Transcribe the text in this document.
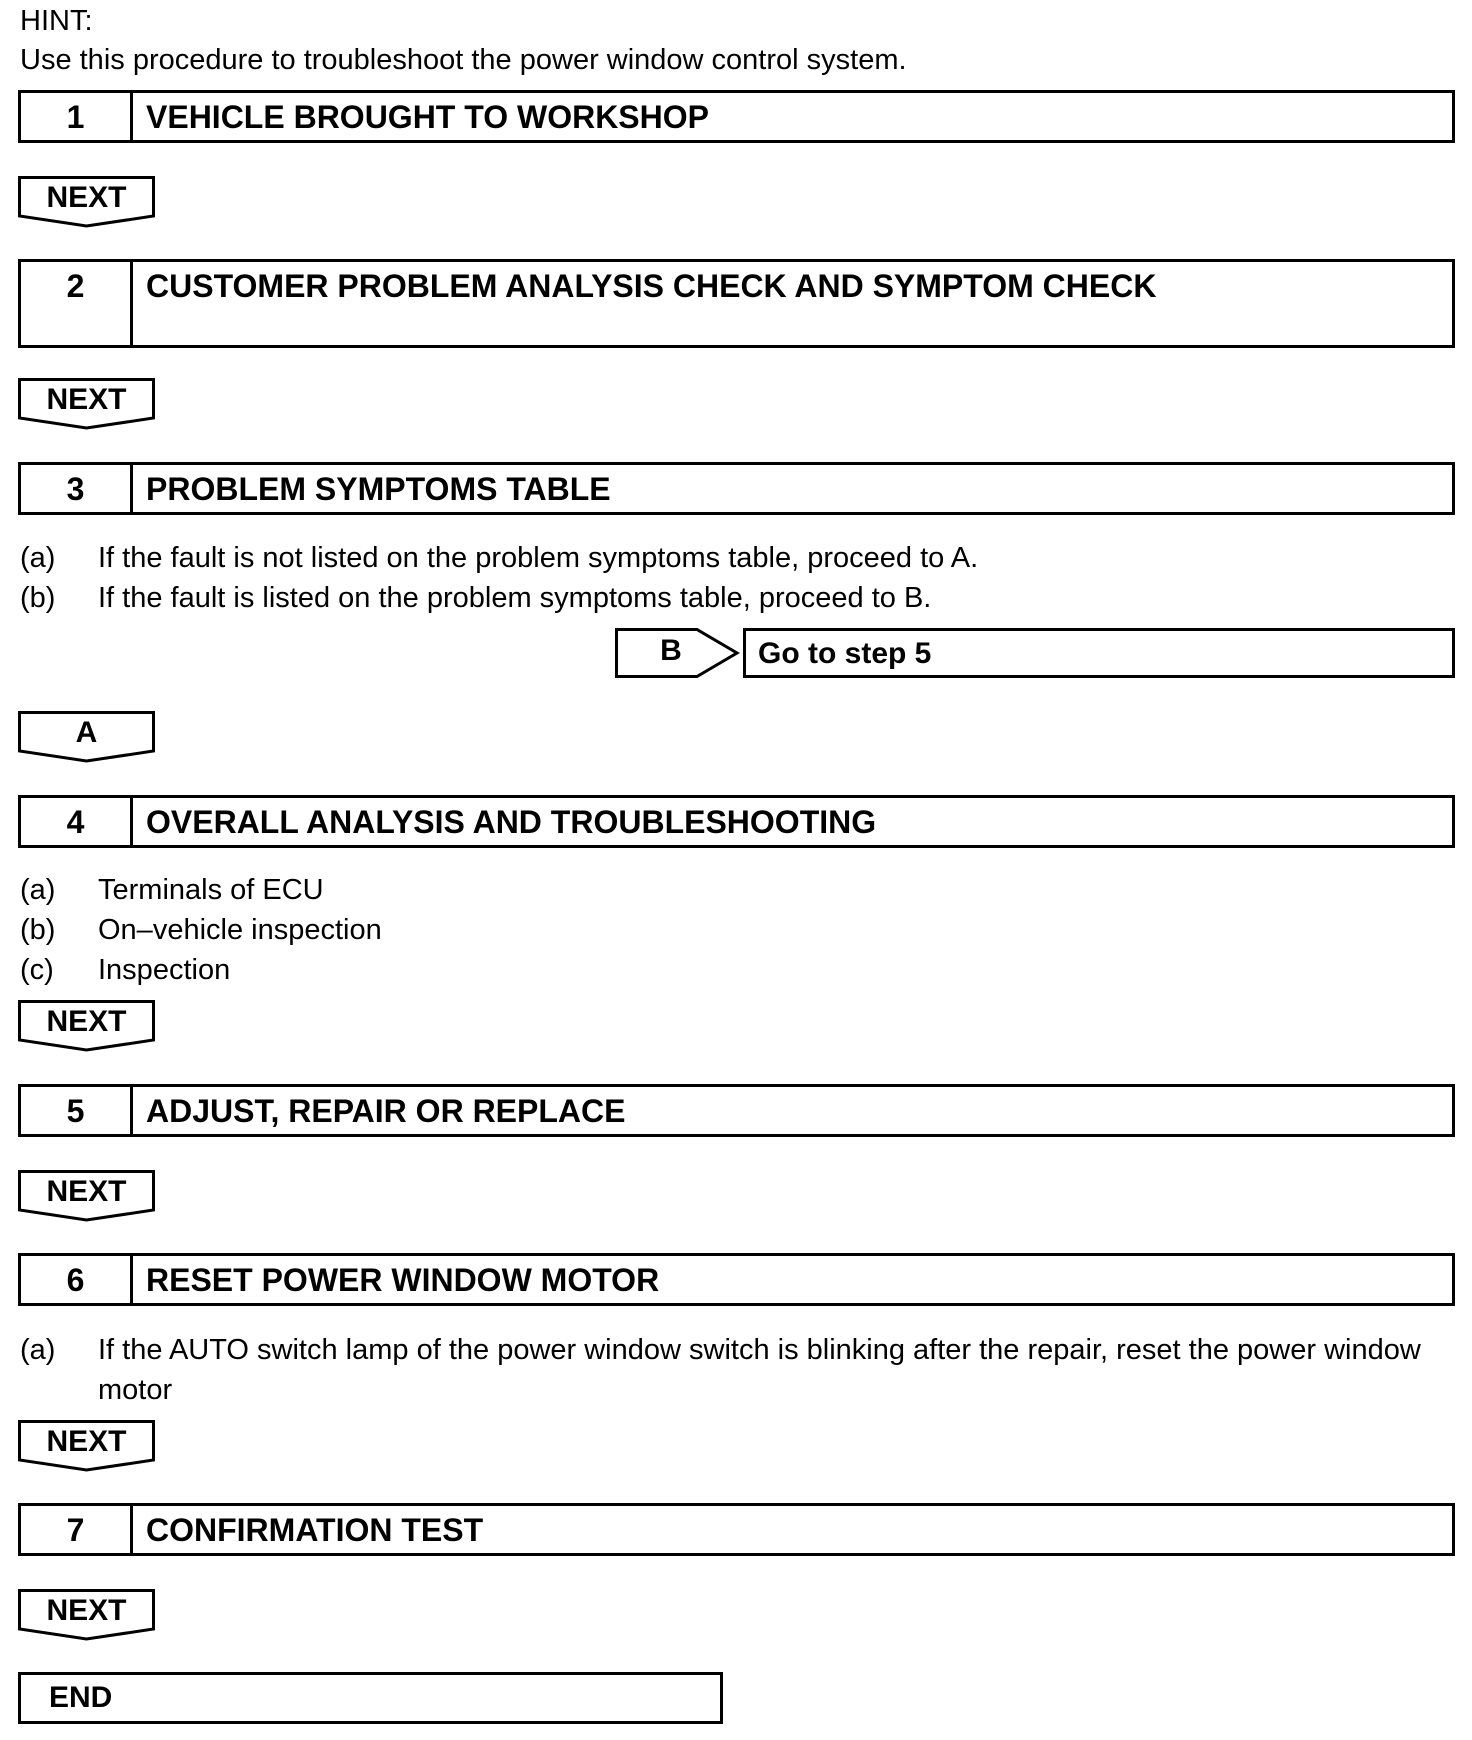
HINT:
Use this procedure to troubleshoot the power window control system.
1	VEHICLE BROUGHT TO WORKSHOP
NEXT
2	CUSTOMER PROBLEM ANALYSIS CHECK AND SYMPTOM CHECK
NEXT
3	PROBLEM SYMPTOMS TABLE
(a) If the fault is not listed on the problem symptoms table, proceed to A.
(b) If the fault is listed on the problem symptoms table, proceed to B.
B	Go to step 5
A
4	OVERALL ANALYSIS AND TROUBLESHOOTING
(a) Terminals of ECU
(b) On–vehicle inspection
(c) Inspection
NEXT
5	ADJUST, REPAIR OR REPLACE
NEXT
6	RESET POWER WINDOW MOTOR
(a) If the AUTO switch lamp of the power window switch is blinking after the repair, reset the power window motor
NEXT
7	CONFIRMATION TEST
NEXT
END
